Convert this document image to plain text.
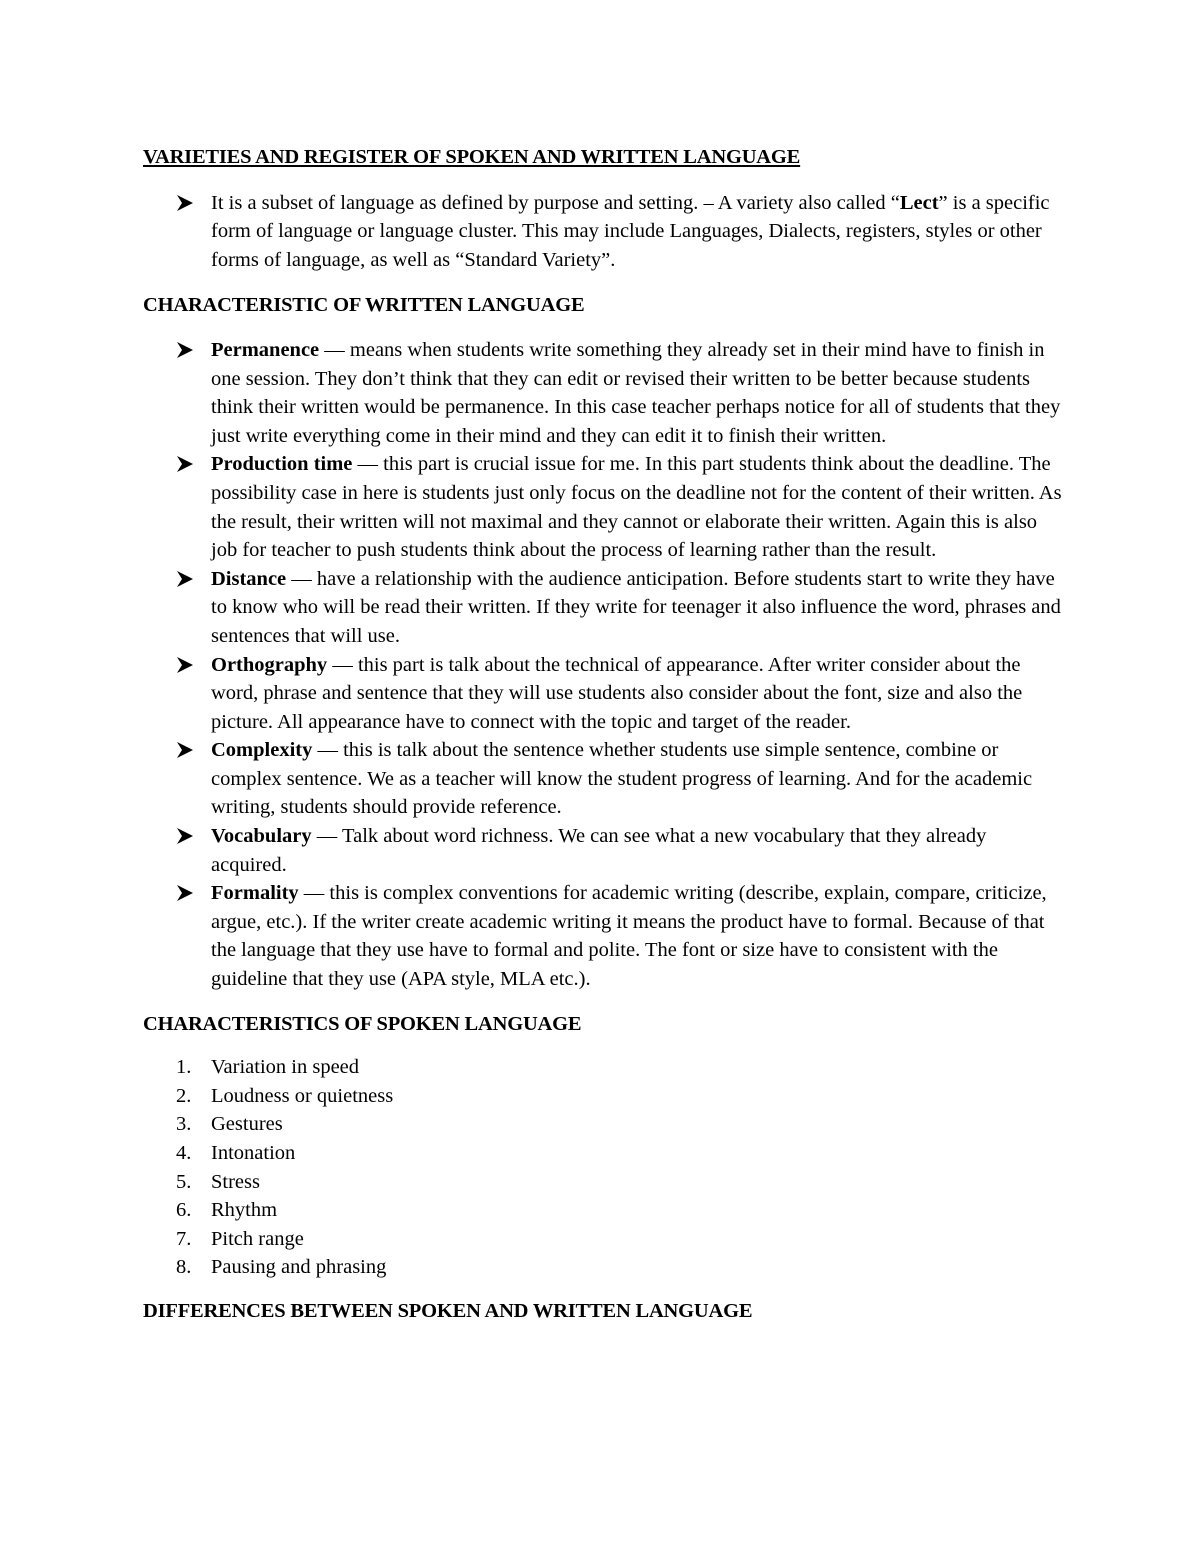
VARIETIES AND REGISTER OF SPOKEN AND WRITTEN LANGUAGE

It is a subset of language as defined by purpose and setting. – A variety also called “Lect” is a specific form of language or language cluster. This may include Languages, Dialects, registers, styles or other forms of language, as well as “Standard Variety”.

CHARACTERISTIC OF WRITTEN LANGUAGE

Permanence — means when students write something they already set in their mind have to finish in one session. They don’t think that they can edit or revised their written to be better because students think their written would be permanence. In this case teacher perhaps notice for all of students that they just write everything come in their mind and they can edit it to finish their written.
Production time — this part is crucial issue for me. In this part students think about the deadline. The possibility case in here is students just only focus on the deadline not for the content of their written. As the result, their written will not maximal and they cannot or elaborate their written. Again this is also job for teacher to push students think about the process of learning rather than the result.
Distance — have a relationship with the audience anticipation. Before students start to write they have to know who will be read their written. If they write for teenager it also influence the word, phrases and sentences that will use.
Orthography — this part is talk about the technical of appearance. After writer consider about the word, phrase and sentence that they will use students also consider about the font, size and also the picture. All appearance have to connect with the topic and target of the reader.
Complexity — this is talk about the sentence whether students use simple sentence, combine or complex sentence. We as a teacher will know the student progress of learning. And for the academic writing, students should provide reference.
Vocabulary — Talk about word richness. We can see what a new vocabulary that they already acquired.
Formality — this is complex conventions for academic writing (describe, explain, compare, criticize, argue, etc.). If the writer create academic writing it means the product have to formal. Because of that the language that they use have to formal and polite. The font or size have to consistent with the guideline that they use (APA style, MLA etc.).

CHARACTERISTICS OF SPOKEN LANGUAGE

1. Variation in speed
2. Loudness or quietness
3. Gestures
4. Intonation
5. Stress
6. Rhythm
7. Pitch range
8. Pausing and phrasing

DIFFERENCES BETWEEN SPOKEN AND WRITTEN LANGUAGE
